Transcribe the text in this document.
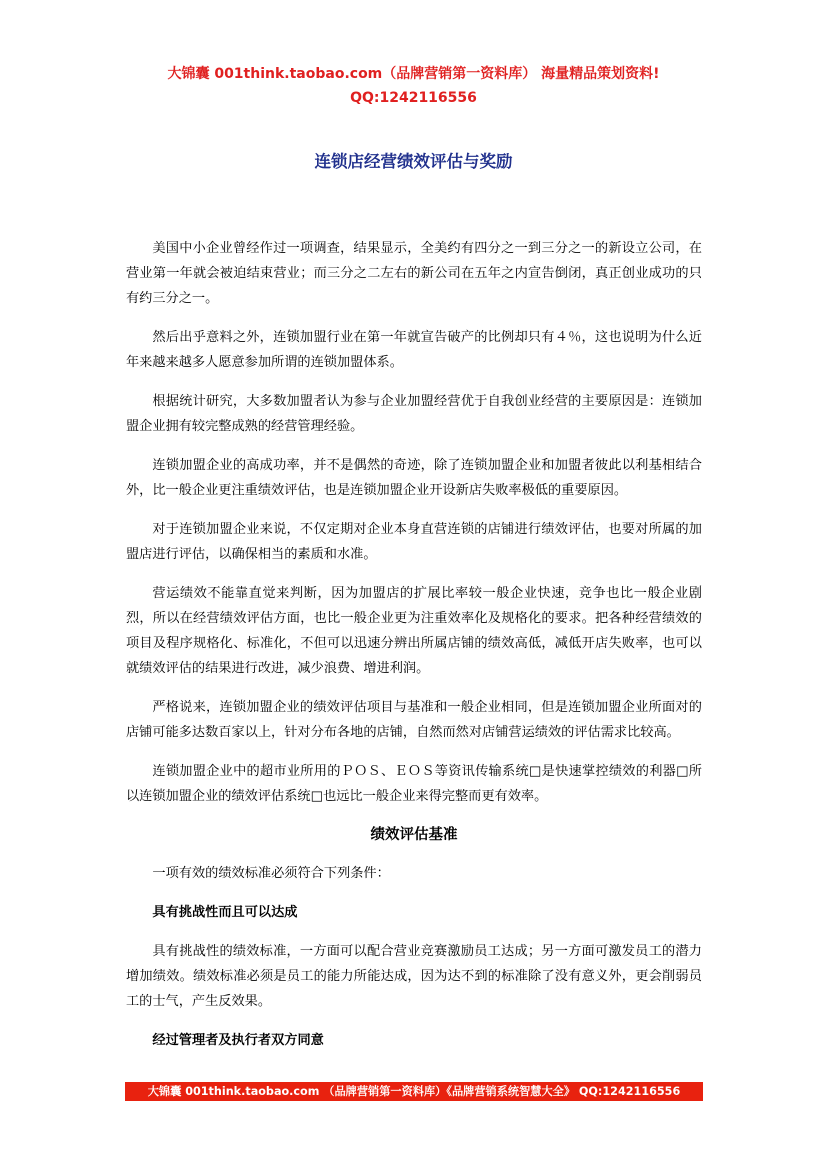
大锦囊 001think.taobao.com（品牌营销第一资料库） 海量精品策划资料!
QQ:1242116556
连锁店经营绩效评估与奖励

美国中小企业曾经作过一项调查，结果显示，全美约有四分之一到三分之一的新设立公司，在营业第一年就会被迫结束营业；而三分之二左右的新公司在五年之内宣告倒闭，真正创业成功的只有约三分之一。

然后出乎意料之外，连锁加盟行业在第一年就宣告破产的比例却只有４％，这也说明为什么近年来越来越多人愿意参加所谓的连锁加盟体系。

根据统计研究，大多数加盟者认为参与企业加盟经营优于自我创业经营的主要原因是：连锁加盟企业拥有较完整成熟的经营管理经验。

连锁加盟企业的高成功率，并不是偶然的奇迹，除了连锁加盟企业和加盟者彼此以利基相结合外，比一般企业更注重绩效评估，也是连锁加盟企业开设新店失败率极低的重要原因。

对于连锁加盟企业来说，不仅定期对企业本身直营连锁的店铺进行绩效评估，也要对所属的加盟店进行评估，以确保相当的素质和水准。

营运绩效不能靠直觉来判断，因为加盟店的扩展比率较一般企业快速，竞争也比一般企业剧烈，所以在经营绩效评估方面，也比一般企业更为注重效率化及规格化的要求。把各种经营绩效的项目及程序规格化、标准化，不但可以迅速分辨出所属店铺的绩效高低，减低开店失败率，也可以就绩效评估的结果进行改进，减少浪费、增进利润。

严格说来，连锁加盟企业的绩效评估项目与基准和一般企业相同，但是连锁加盟企业所面对的店铺可能多达数百家以上，针对分布各地的店铺，自然而然对店铺营运绩效的评估需求比较高。

连锁加盟企业中的超市业所用的ＰＯＳ、ＥＯＳ等资讯传输系统□是快速掌控绩效的利器□所以连锁加盟企业的绩效评估系统□也远比一般企业来得完整而更有效率。

绩效评估基准

一项有效的绩效标准必须符合下列条件：

具有挑战性而且可以达成

具有挑战性的绩效标准，一方面可以配合营业竞赛激励员工达成；另一方面可激发员工的潜力增加绩效。绩效标准必须是员工的能力所能达成，因为达不到的标准除了没有意义外，更会削弱员工的士气，产生反效果。

经过管理者及执行者双方同意

大锦囊 001think.taobao.com （品牌营销第一资料库）《品牌营销系统智慧大全》 QQ:1242116556
